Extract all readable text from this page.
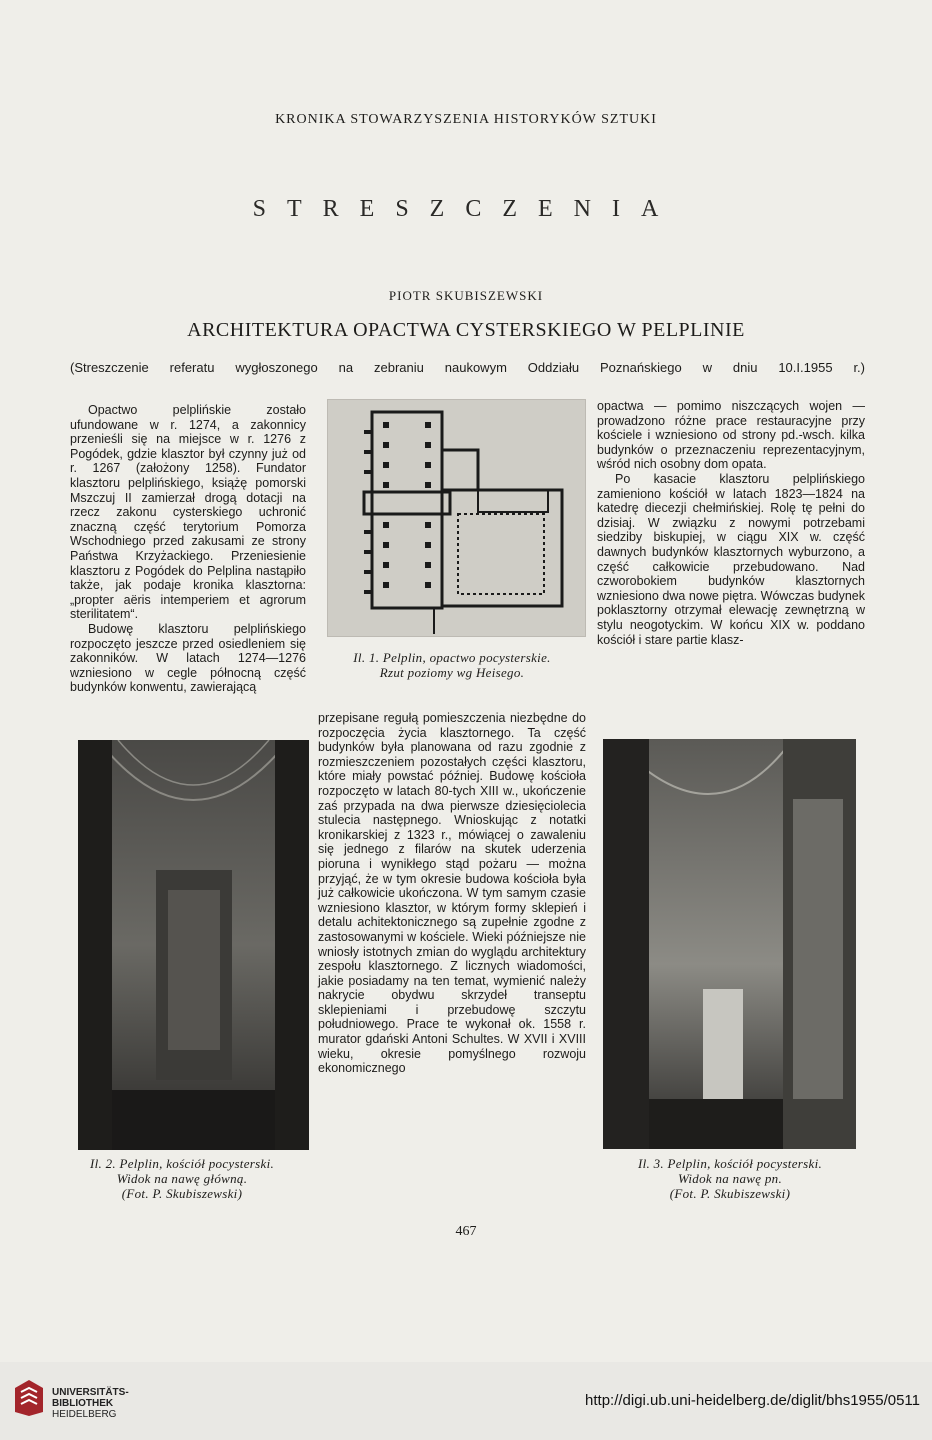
KRONIKA STOWARZYSZENIA HISTORYKÓW SZTUKI
STRESZCZENIA
PIOTR SKUBISZEWSKI
ARCHITEKTURA OPACTWA CYSTERSKIEGO W PELPLINIE
(Streszczenie referatu wygłoszonego na zebraniu naukowym Oddziału Poznańskiego w dniu 10.I.1955 r.)

Opactwo pelplińskie zostało ufundowane w r. 1274, a zakonnicy przenieśli się na miejsce w r. 1276 z Pogódek, gdzie klasztor był czynny już od r. 1267 (założony 1258). Fundator klasztoru pelplińskiego, książę pomorski Mszczuj II zamierzał drogą dotacji na rzecz zakonu cysterskiego uchronić znaczną część terytorium Pomorza Wschodniego przed zakusami ze strony Państwa Krzyżackiego. Przeniesienie klasztoru z Pogódek do Pelplina nastąpiło także, jak podaje kronika klasztorna: „propter aëris intemperiem et agrorum sterilitatem“.

Budowę klasztoru pelplińskiego rozpoczęto jeszcze przed osiedleniem się zakonników. W latach 1274—1276 wzniesiono w cegle północną część budynków konwentu, zawierającą

Il. 1. Pelplin, opactwo pocysterskie.
Rzut poziomy wg Heisego.

przepisane regułą pomieszczenia niezbędne do rozpoczęcia życia klasztornego. Ta część budynków była planowana od razu zgodnie z rozmieszczeniem pozostałych części klasztoru, które miały powstać później. Budowę kościoła rozpoczęto w latach 80-tych XIII w., ukończenie zaś przypada na dwa pierwsze dziesięciolecia stulecia następnego. Wnioskując z notatki kronikarskiej z 1323 r., mówiącej o zawaleniu się jednego z filarów na skutek uderzenia pioruna i wynikłego stąd pożaru — można przyjąć, że w tym okresie budowa kościoła była już całkowicie ukończona. W tym samym czasie wzniesiono klasztor, w którym formy sklepień i detalu achitektonicznego są zupełnie zgodne z zastosowanymi w kościele. Wieki późniejsze nie wniosły istotnych zmian do wyglądu architektury zespołu klasztornego. Z licznych wiadomości, jakie posiadamy na ten temat, wymienić należy nakrycie obydwu skrzydeł transeptu sklepieniami i przebudowę szczytu południowego. Prace te wykonał ok. 1558 r. murator gdański Antoni Schultes. W XVII i XVIII wieku, okresie pomyślnego rozwoju ekonomicznego

opactwa — pomimo niszczących wojen — prowadzono różne prace restauracyjne przy kościele i wzniesiono od strony pd.-wsch. kilka budynków o przeznaczeniu reprezentacyjnym, wśród nich osobny dom opata.

Po kasacie klasztoru pelplińskiego zamieniono kościół w latach 1823—1824 na katedrę diecezji chełmińskiej. Rolę tę pełni do dzisiaj. W związku z nowymi potrzebami siedziby biskupiej, w ciągu XIX w. część dawnych budynków klasztornych wyburzono, a część całkowicie przebudowano. Nad czworobokiem budynków klasztornych wzniesiono dwa nowe piętra. Wówczas budynek poklasztorny otrzymał elewację zewnętrzną w stylu neogotyckim. W końcu XIX w. poddano kościół i stare partie klasz-

Il. 2. Pelplin, kościół pocysterski.
Widok na nawę główną.
(Fot. P. Skubiszewski)
Il. 3. Pelplin, kościół pocysterski.
Widok na nawę pn.
(Fot. P. Skubiszewski)
467
UNIVERSITÄTS-
BIBLIOTHEK
HEIDELBERG
http://digi.ub.uni-heidelberg.de/diglit/bhs1955/0511
